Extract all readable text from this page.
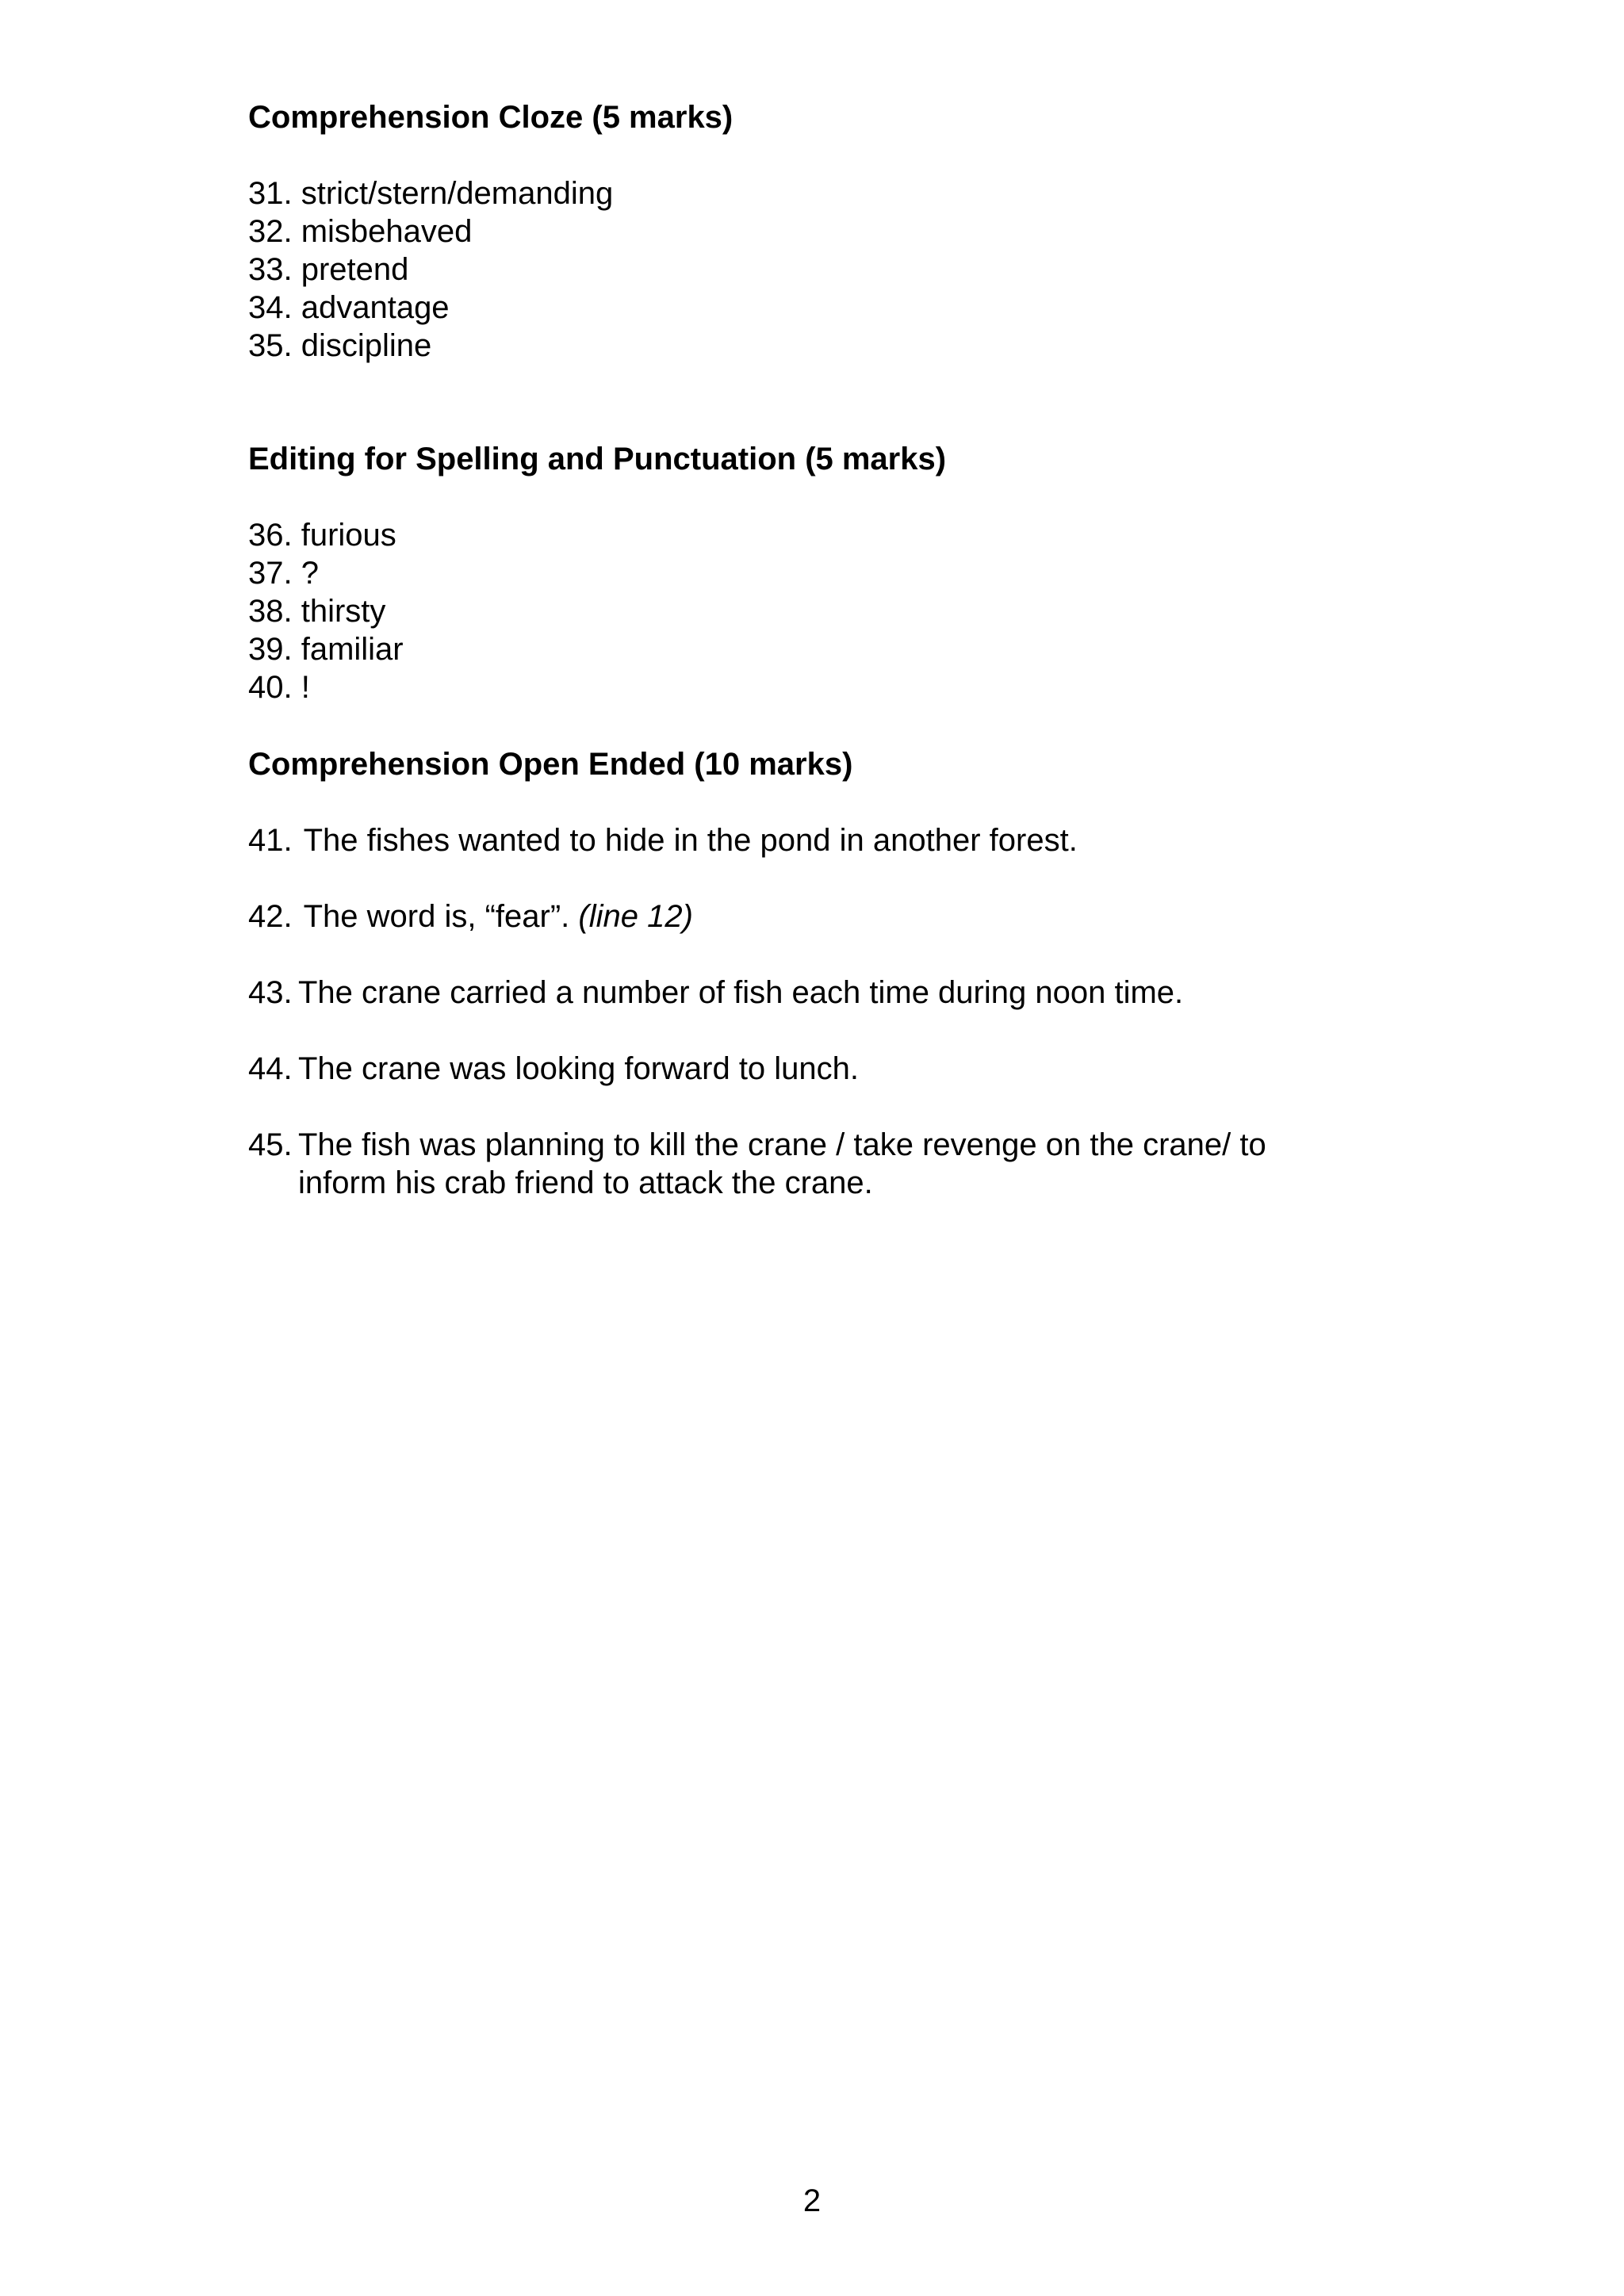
Comprehension Cloze (5 marks)
31. strict/stern/demanding
32. misbehaved
33. pretend
34. advantage
35. discipline
Editing for Spelling and Punctuation (5 marks)
36. furious
37. ?
38. thirsty
39. familiar
40. !
Comprehension Open Ended (10 marks)
41. The fishes wanted to hide in the pond in another forest.
42. The word is, “fear”. (line 12)
43. The crane carried a number of fish each time during noon time.
44. The crane was looking forward to lunch.
45. The fish was planning to kill the crane / take revenge on the crane/ to inform his crab friend to attack the crane.
2
